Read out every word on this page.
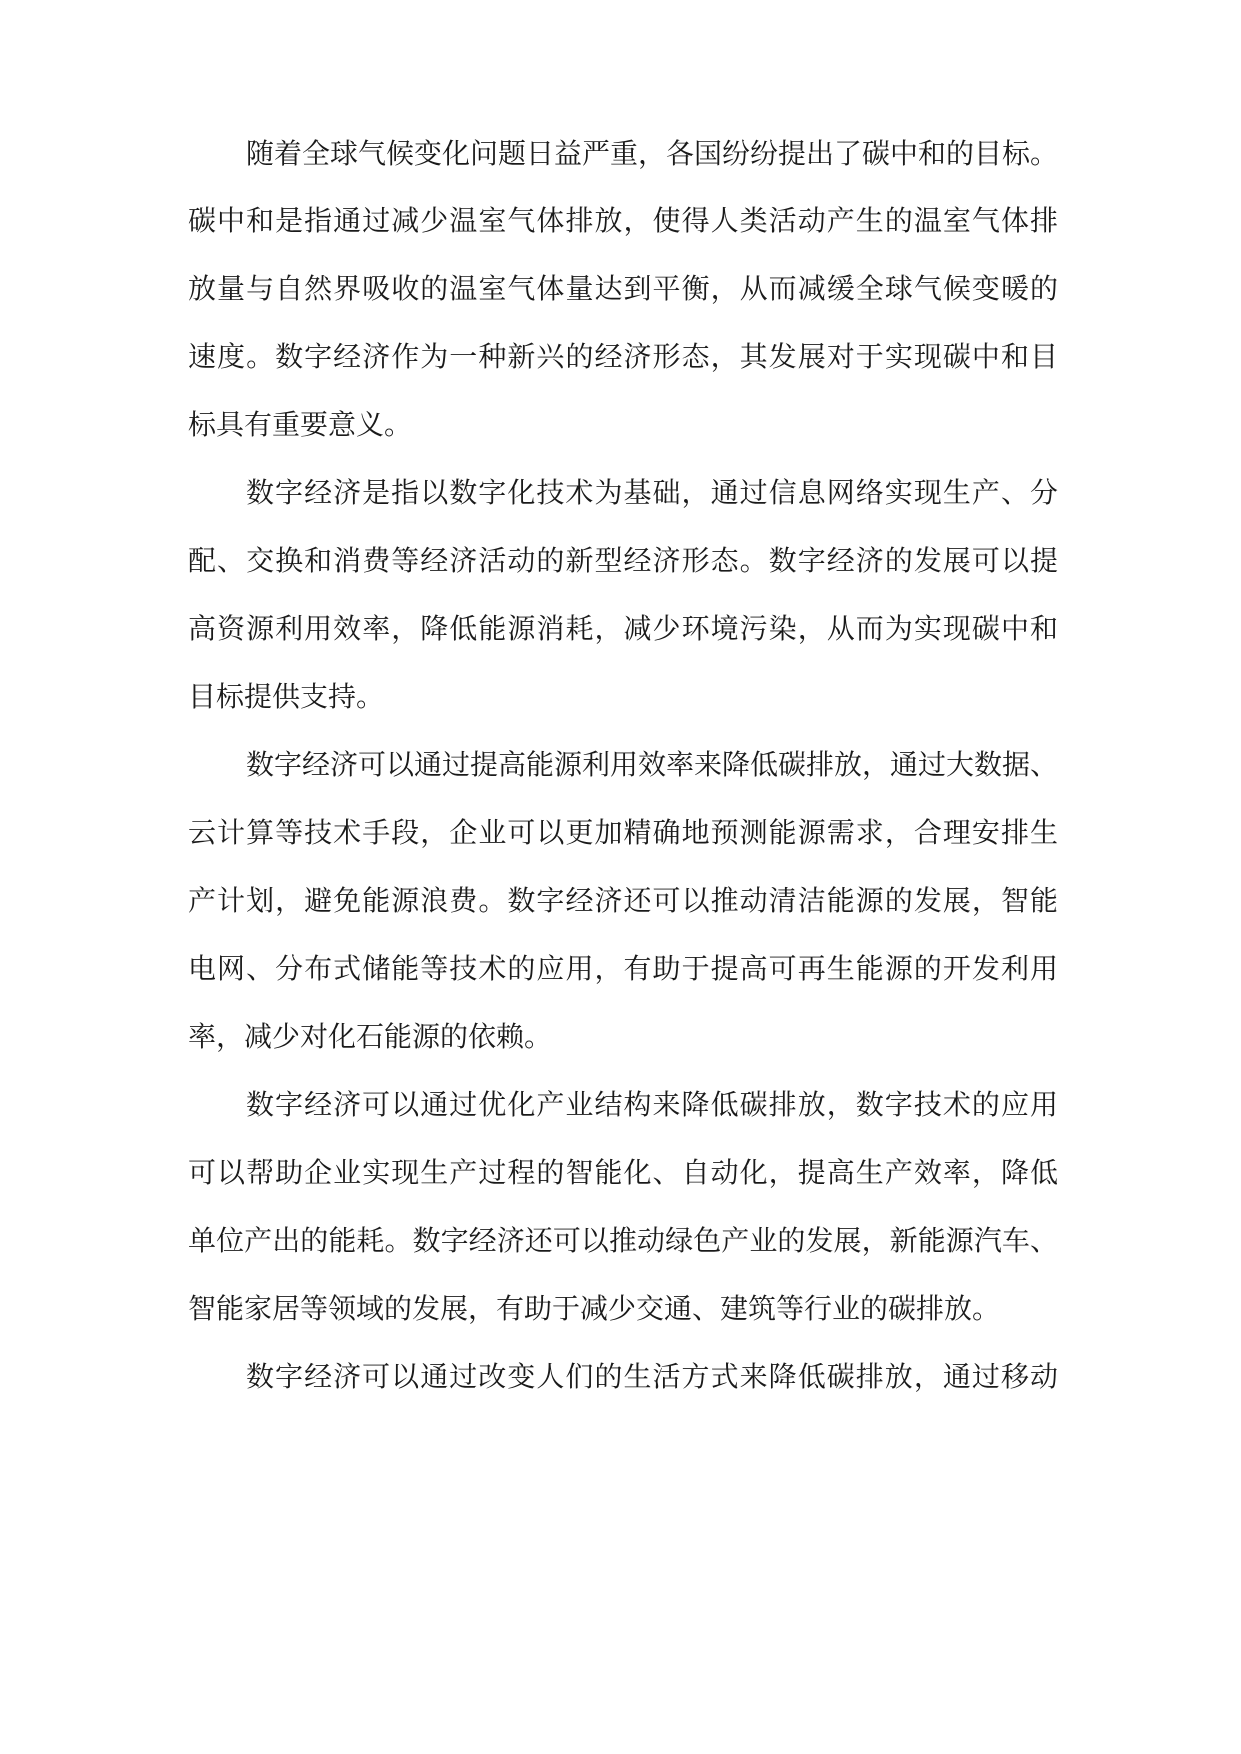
随着全球气候变化问题日益严重，各国纷纷提出了碳中和的目标。
碳中和是指通过减少温室气体排放，使得人类活动产生的温室气体排
放量与自然界吸收的温室气体量达到平衡，从而减缓全球气候变暖的
速度。数字经济作为一种新兴的经济形态，其发展对于实现碳中和目
标具有重要意义。
数字经济是指以数字化技术为基础，通过信息网络实现生产、分
配、交换和消费等经济活动的新型经济形态。数字经济的发展可以提
高资源利用效率，降低能源消耗，减少环境污染，从而为实现碳中和
目标提供支持。
数字经济可以通过提高能源利用效率来降低碳排放，通过大数据、
云计算等技术手段，企业可以更加精确地预测能源需求，合理安排生
产计划，避免能源浪费。数字经济还可以推动清洁能源的发展，智能
电网、分布式储能等技术的应用，有助于提高可再生能源的开发利用
率，减少对化石能源的依赖。
数字经济可以通过优化产业结构来降低碳排放，数字技术的应用
可以帮助企业实现生产过程的智能化、自动化，提高生产效率，降低
单位产出的能耗。数字经济还可以推动绿色产业的发展，新能源汽车、
智能家居等领域的发展，有助于减少交通、建筑等行业的碳排放。
数字经济可以通过改变人们的生活方式来降低碳排放，通过移动
